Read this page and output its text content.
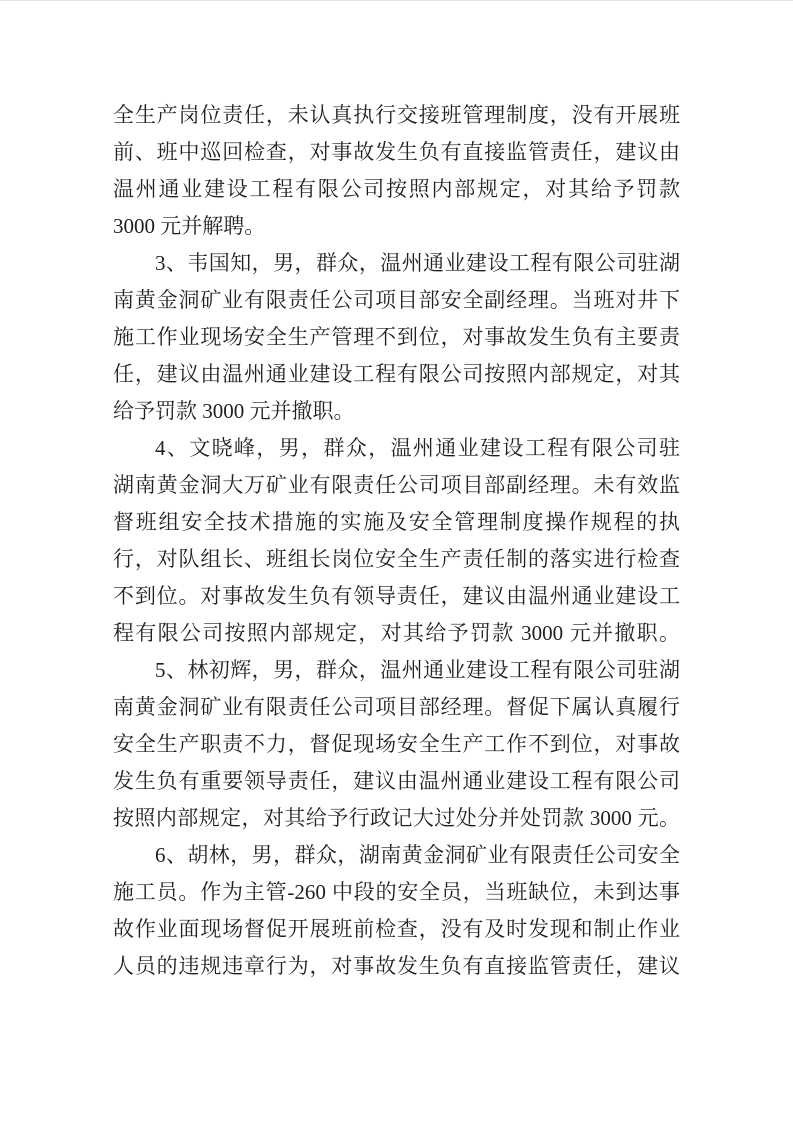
全生产岗位责任，未认真执行交接班管理制度，没有开展班
前、班中巡回检查，对事故发生负有直接监管责任，建议由
温州通业建设工程有限公司按照内部规定，对其给予罚款
3000 元并解聘。
3、韦国知，男，群众，温州通业建设工程有限公司驻湖
南黄金洞矿业有限责任公司项目部安全副经理。当班对井下
施工作业现场安全生产管理不到位，对事故发生负有主要责
任，建议由温州通业建设工程有限公司按照内部规定，对其
给予罚款 3000 元并撤职。
4、文晓峰，男，群众，温州通业建设工程有限公司驻
湖南黄金洞大万矿业有限责任公司项目部副经理。未有效监
督班组安全技术措施的实施及安全管理制度操作规程的执
行，对队组长、班组长岗位安全生产责任制的落实进行检查
不到位。对事故发生负有领导责任，建议由温州通业建设工
程有限公司按照内部规定，对其给予罚款 3000 元并撤职。
5、林初辉，男，群众，温州通业建设工程有限公司驻湖
南黄金洞矿业有限责任公司项目部经理。督促下属认真履行
安全生产职责不力，督促现场安全生产工作不到位，对事故
发生负有重要领导责任，建议由温州通业建设工程有限公司
按照内部规定，对其给予行政记大过处分并处罚款 3000 元。
6、胡林，男，群众，湖南黄金洞矿业有限责任公司安全
施工员。作为主管-260 中段的安全员，当班缺位，未到达事
故作业面现场督促开展班前检查，没有及时发现和制止作业
人员的违规违章行为，对事故发生负有直接监管责任，建议
